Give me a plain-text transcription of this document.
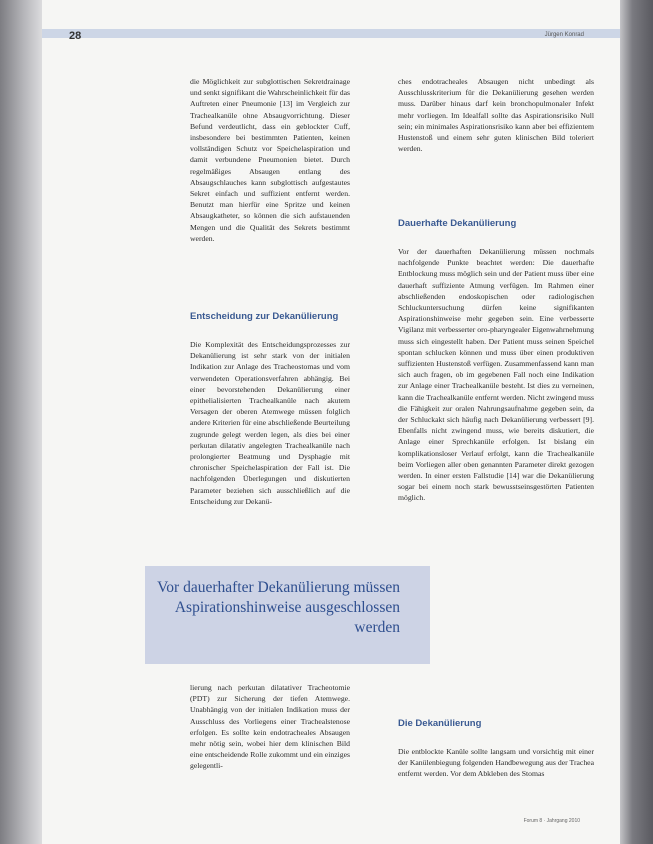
28	Jürgen Konrad
die Möglichkeit zur subglottischen Sekretdrainage und senkt signifikant die Wahrscheinlichkeit für das Auftreten einer Pneumonie [13] im Vergleich zur Trachealkanüle ohne Absaugvorrichtung. Dieser Befund verdeutlicht, dass ein geblockter Cuff, insbesondere bei bestimmten Patienten, keinen vollständigen Schutz vor Speichelaspiration und damit verbundene Pneumonien bietet. Durch regelmäßiges Absaugen entlang des Absaugschlauches kann subglottisch aufgestautes Sekret einfach und suffizient entfernt werden. Benutzt man hierfür eine Spritze und keinen Absaugkatheter, so können die sich aufstauenden Mengen und die Qualität des Sekrets bestimmt werden.
Entscheidung zur Dekanülierung
Die Komplexität des Entscheidungsprozesses zur Dekanülierung ist sehr stark von der initialen Indikation zur Anlage des Tracheostomas und vom verwendeten Operationsverfahren abhängig. Bei einer bevorstehenden Dekanülierung einer epithelialisierten Trachealkanüle nach akutem Versagen der oberen Atemwege müssen folglich andere Kriterien für eine abschließende Beurteilung zugrunde gelegt werden legen, als dies bei einer perkutan dilatativ angelegten Trachealkanüle nach prolongierter Beatmung und Dysphagie mit chronischer Speichelaspiration der Fall ist. Die nachfolgenden Überlegungen und diskutierten Parameter beziehen sich ausschließlich auf die Entscheidung zur Dekanü-
Vor dauerhafter Dekanülierung müssen Aspirationshinweise ausgeschlossen werden
lierung nach perkutan dilatativer Tracheotomie (PDT) zur Sicherung der tiefen Atemwege. Unabhängig von der initialen Indikation muss der Ausschluss des Vorliegens einer Trachealstenose erfolgen. Es sollte kein endotracheales Absaugen mehr nötig sein, wobei hier dem klinischen Bild eine entscheidende Rolle zukommt und ein einziges gelegentli-
ches endotracheales Absaugen nicht unbedingt als Ausschlusskriterium für die Dekanülierung gesehen werden muss. Darüber hinaus darf kein bronchopulmonaler Infekt mehr vorliegen. Im Idealfall sollte das Aspirationsrisiko Null sein; ein minimales Aspirationsrisiko kann aber bei effizientem Hustenstoß und einem sehr guten klinischen Bild toleriert werden.
Dauerhafte Dekanülierung
Vor der dauerhaften Dekanülierung müssen nochmals nachfolgende Punkte beachtet werden: Die dauerhafte Entblockung muss möglich sein und der Patient muss über eine dauerhaft suffiziente Atmung verfügen. Im Rahmen einer abschließenden endoskopischen oder radiologischen Schluckuntersuchung dürfen keine signifikanten Aspirationshinweise mehr gegeben sein. Eine verbesserte Vigilanz mit verbesserter oro-pharyngealer Eigenwahrnehmung muss sich eingestellt haben. Der Patient muss seinen Speichel spontan schlucken können und muss über einen produktiven suffizienten Hustenstoß verfügen. Zusammenfassend kann man sich auch fragen, ob im gegebenen Fall noch eine Indikation zur Anlage einer Trachealkanüle besteht. Ist dies zu verneinen, kann die Trachealkanüle entfernt werden. Nicht zwingend muss die Fähigkeit zur oralen Nahrungsaufnahme gegeben sein, da der Schluckakt sich häufig nach Dekanülierung verbessert [9]. Ebenfalls nicht zwingend muss, wie bereits diskutiert, die Anlage einer Sprechkanüle erfolgen. Ist bislang ein komplikationsloser Verlauf erfolgt, kann die Trachealkanüle beim Vorliegen aller oben genannten Parameter direkt gezogen werden. In einer ersten Fallstudie [14] war die Dekanülierung sogar bei einem noch stark bewusstseinsgestörten Patienten möglich.
Die Dekanülierung
Die entblockte Kanüle sollte langsam und vorsichtig mit einer der Kanülenbiegung folgenden Handbewegung aus der Trachea entfernt werden. Vor dem Abkleben des Stomas
Forum 8 · Jahrgang 2010
